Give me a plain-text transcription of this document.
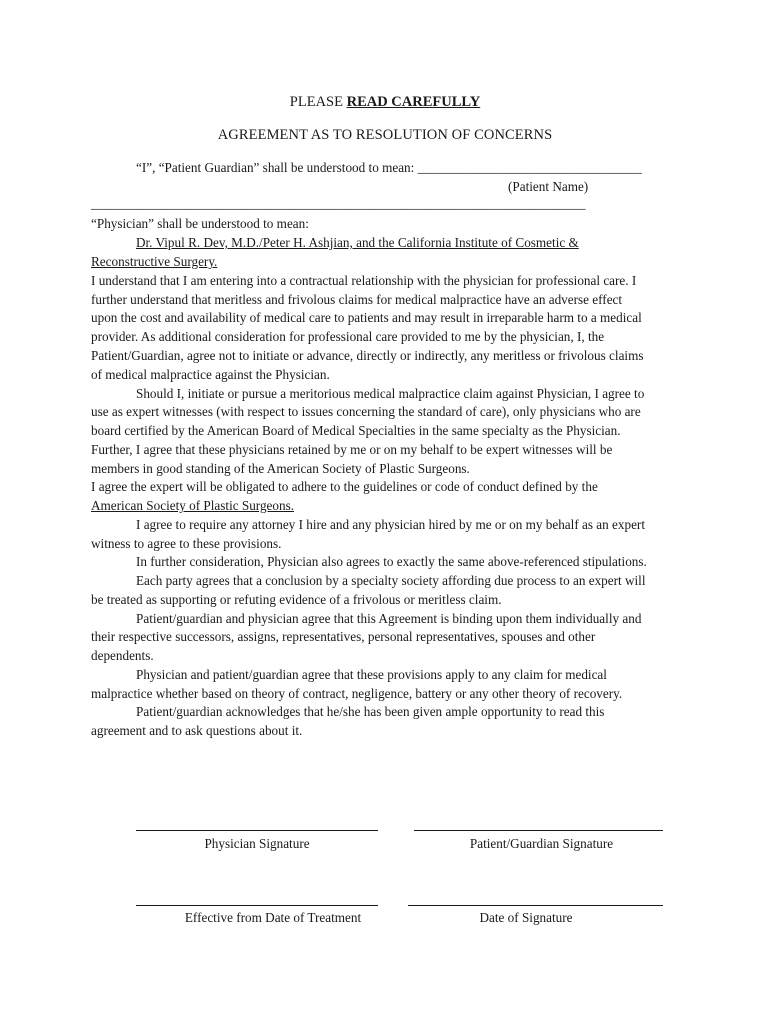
PLEASE READ CAREFULLY
AGREEMENT AS TO RESOLUTION OF CONCERNS
“I”, “Patient Guardian” shall be understood to mean: __________________________________
(Patient Name)
___________________________________________________________________________
“Physician” shall be understood to mean:
Dr. Vipul R. Dev, M.D./Peter H. Ashjian, and the California Institute of Cosmetic &
Reconstructive Surgery.
I understand that I am entering into a contractual relationship with the physician for professional care. I
further understand that meritless and frivolous claims for medical malpractice have an adverse effect
upon the cost and availability of medical care to patients and may result in irreparable harm to a medical
provider. As additional consideration for professional care provided to me by the physician, I, the
Patient/Guardian, agree not to initiate or advance, directly or indirectly, any meritless or frivolous claims
of medical malpractice against the Physician.
Should I, initiate or pursue a meritorious medical malpractice claim against Physician, I agree to
use as expert witnesses (with respect to issues concerning the standard of care), only physicians who are
board certified by the American Board of Medical Specialties in the same specialty as the Physician.
Further, I agree that these physicians retained by me or on my behalf to be expert witnesses will be
members in good standing of the American Society of Plastic Surgeons.
I agree the expert will be obligated to adhere to the guidelines or code of conduct defined by the
American Society of Plastic Surgeons.
I agree to require any attorney I hire and any physician hired by me or on my behalf as an expert
witness to agree to these provisions.
In further consideration, Physician also agrees to exactly the same above-referenced stipulations.
Each party agrees that a conclusion by a specialty society affording due process to an expert will
be treated as supporting or refuting evidence of a frivolous or meritless claim.
Patient/guardian and physician agree that this Agreement is binding upon them individually and
their respective successors, assigns, representatives, personal representatives, spouses and other
dependents.
Physician and patient/guardian agree that these provisions apply to any claim for medical
malpractice whether based on theory of contract, negligence, battery or any other theory of recovery.
Patient/guardian acknowledges that he/she has been given ample opportunity to read this
agreement and to ask questions about it.
Physician Signature	Patient/Guardian Signature
Effective from Date of Treatment	Date of Signature
